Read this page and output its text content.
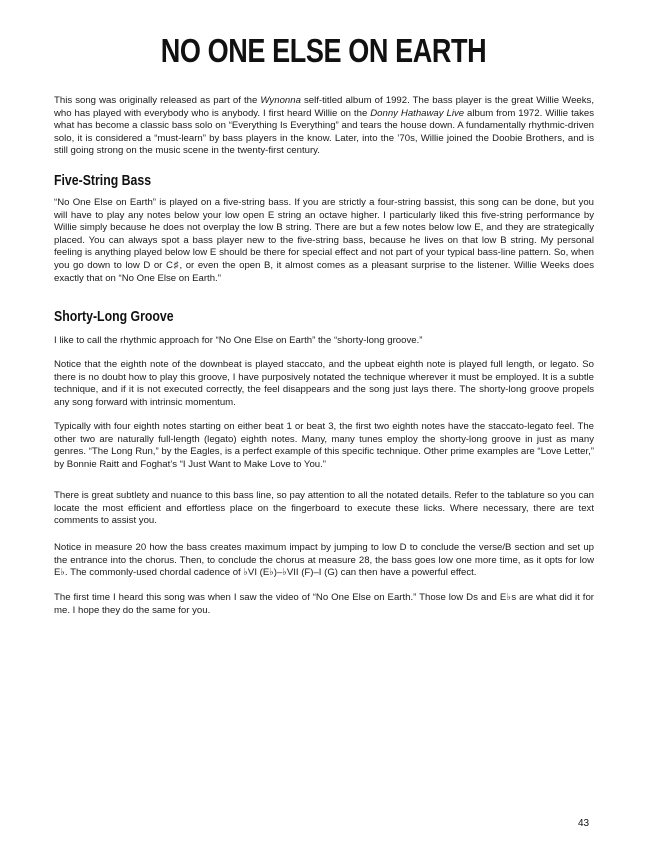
NO ONE ELSE ON EARTH
This song was originally released as part of the Wynonna self-titled album of 1992. The bass player is the great Willie Weeks, who has played with everybody who is anybody. I first heard Willie on the Donny Hathaway Live album from 1972. Willie takes what has become a classic bass solo on “Everything Is Everything” and tears the house down. A fundamentally rhythmic-driven solo, it is considered a “must-learn” by bass players in the know. Later, into the ’70s, Willie joined the Doobie Brothers, and is still going strong on the music scene in the twenty-first century.
Five-String Bass
“No One Else on Earth” is played on a five-string bass. If you are strictly a four-string bassist, this song can be done, but you will have to play any notes below your low open E string an octave higher. I particularly liked this five-string performance by Willie simply because he does not overplay the low B string. There are but a few notes below low E, and they are strategically placed. You can always spot a bass player new to the five-string bass, because he lives on that low B string. My personal feeling is anything played below low E should be there for special effect and not part of your typical bass-line pattern. So, when you go down to low D or C♯, or even the open B, it almost comes as a pleasant surprise to the listener. Willie Weeks does exactly that on “No One Else on Earth.”
Shorty-Long Groove
I like to call the rhythmic approach for “No One Else on Earth” the “shorty-long groove.”
Notice that the eighth note of the downbeat is played staccato, and the upbeat eighth note is played full length, or legato. So there is no doubt how to play this groove, I have purposively notated the technique wherever it must be employed. It is a subtle technique, and if it is not executed correctly, the feel disappears and the song just lays there. The shorty-long groove propels any song forward with intrinsic momentum.
Typically with four eighth notes starting on either beat 1 or beat 3, the first two eighth notes have the staccato-legato feel. The other two are naturally full-length (legato) eighth notes. Many, many tunes employ the shorty-long groove in just as many genres. “The Long Run,” by the Eagles, is a perfect example of this specific technique. Other prime examples are “Love Letter,” by Bonnie Raitt and Foghat’s “I Just Want to Make Love to You.”
There is great subtlety and nuance to this bass line, so pay attention to all the notated details. Refer to the tablature so you can locate the most efficient and effortless place on the fingerboard to execute these licks. Where necessary, there are text comments to assist you.
Notice in measure 20 how the bass creates maximum impact by jumping to low D to conclude the verse/B section and set up the entrance into the chorus. Then, to conclude the chorus at measure 28, the bass goes low one more time, as it opts for low E♭. The commonly-used chordal cadence of ♭VI (E♭)–♭VII (F)–I (G) can then have a powerful effect.
The first time I heard this song was when I saw the video of “No One Else on Earth.” Those low Ds and E♭s are what did it for me. I hope they do the same for you.
43
